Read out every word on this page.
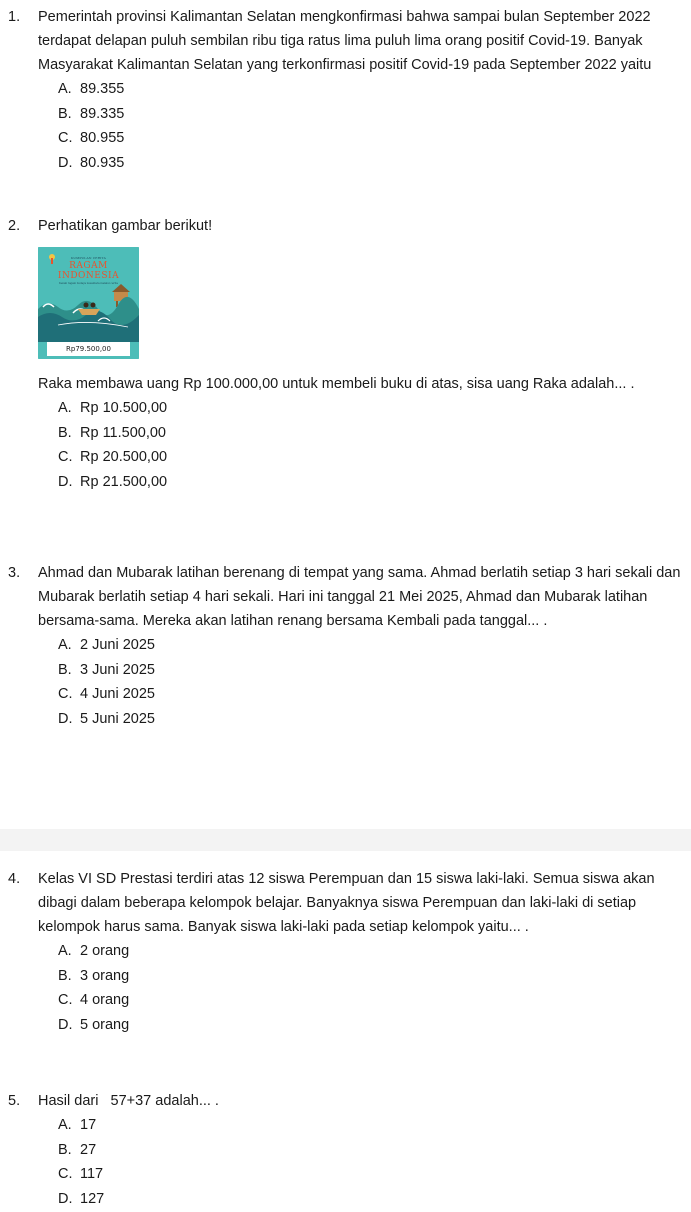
1.	Pemerintah provinsi Kalimantan Selatan mengkonfirmasi bahwa sampai bulan September 2022 terdapat delapan puluh sembilan ribu tiga ratus lima puluh lima orang positif Covid-19. Banyak Masyarakat Kalimantan Selatan yang terkonfirmasi positif Covid-19 pada September 2022 yaitu
A. 89.355
B. 89.335
C. 80.955
D. 80.935
2.	Perhatikan gambar berikut!
KUMPULAN CERITA
RAGAM
INDONESIA
Kenali ragam budaya nusantara melalui cerita
Rp79.500,00
Raka membawa uang Rp 100.000,00 untuk membeli buku di atas, sisa uang Raka adalah... .
A. Rp 10.500,00
B. Rp 11.500,00
C. Rp 20.500,00
D. Rp 21.500,00
3.	Ahmad dan Mubarak latihan berenang di tempat yang sama. Ahmad berlatih setiap 3 hari sekali dan Mubarak berlatih setiap 4 hari sekali. Hari ini tanggal 21 Mei 2025, Ahmad dan Mubarak latihan bersama-sama. Mereka akan latihan renang bersama Kembali pada tanggal... .
A. 2 Juni 2025
B. 3 Juni 2025
C. 4 Juni 2025
D. 5 Juni 2025
4.	Kelas VI SD Prestasi terdiri atas 12 siswa Perempuan dan 15 siswa laki-laki. Semua siswa akan dibagi dalam beberapa kelompok belajar. Banyaknya siswa Perempuan dan laki-laki di setiap kelompok harus sama. Banyak siswa laki-laki pada setiap kelompok yaitu... .
A. 2 orang
B. 3 orang
C. 4 orang
D. 5 orang
5.	Hasil dari   57+37 adalah... .
A. 17
B. 27
C. 117
D. 127
